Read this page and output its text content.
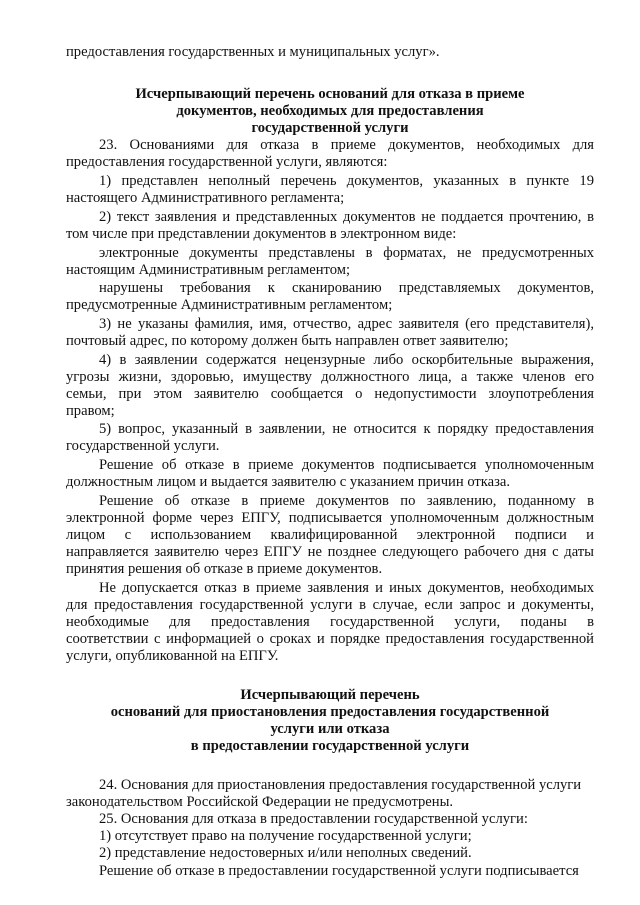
предоставления государственных и муниципальных услуг».
Исчерпывающий перечень оснований для отказа в приеме
документов, необходимых для предоставления
государственной услуги
23. Основаниями для отказа в приеме документов, необходимых для
предоставления государственной услуги, являются:
1) представлен неполный перечень документов, указанных в пункте 19
настоящего Административного регламента;
2) текст заявления и представленных документов не поддается прочтению, в
том числе при представлении документов в электронном виде:
электронные документы представлены в форматах, не предусмотренных
настоящим Административным регламентом;
нарушены требования к сканированию представляемых документов,
предусмотренные Административным регламентом;
3) не указаны фамилия, имя, отчество, адрес заявителя (его представителя),
почтовый адрес, по которому должен быть направлен ответ заявителю;
4) в заявлении содержатся нецензурные либо оскорбительные выражения,
угрозы жизни, здоровью, имуществу должностного лица, а также членов его
семьи, при этом заявителю сообщается о недопустимости злоупотребления
правом;
5) вопрос, указанный в заявлении, не относится к порядку предоставления
государственной услуги.
Решение об отказе в приеме документов подписывается уполномоченным
должностным лицом и выдается заявителю с указанием причин отказа.
Решение об отказе в приеме документов по заявлению, поданному в
электронной форме через ЕПГУ, подписывается уполномоченным должностным
лицом с использованием квалифицированной электронной подписи и
направляется заявителю через ЕПГУ не позднее следующего рабочего дня с даты
принятия решения об отказе в приеме документов.
Не допускается отказ в приеме заявления и иных документов, необходимых
для предоставления государственной услуги в случае, если запрос и документы,
необходимые для предоставления государственной услуги, поданы в
соответствии с информацией о сроках и порядке предоставления государственной
услуги, опубликованной на ЕПГУ.
Исчерпывающий перечень
оснований для приостановления предоставления государственной
услуги или отказа
в предоставлении государственной услуги
24. Основания для приостановления предоставления государственной услуги
законодательством Российской Федерации не предусмотрены.
25. Основания для отказа в предоставлении государственной услуги:
1) отсутствует право на получение государственной услуги;
2) представление недостоверных и/или неполных сведений.
Решение об отказе в предоставлении государственной услуги подписывается
